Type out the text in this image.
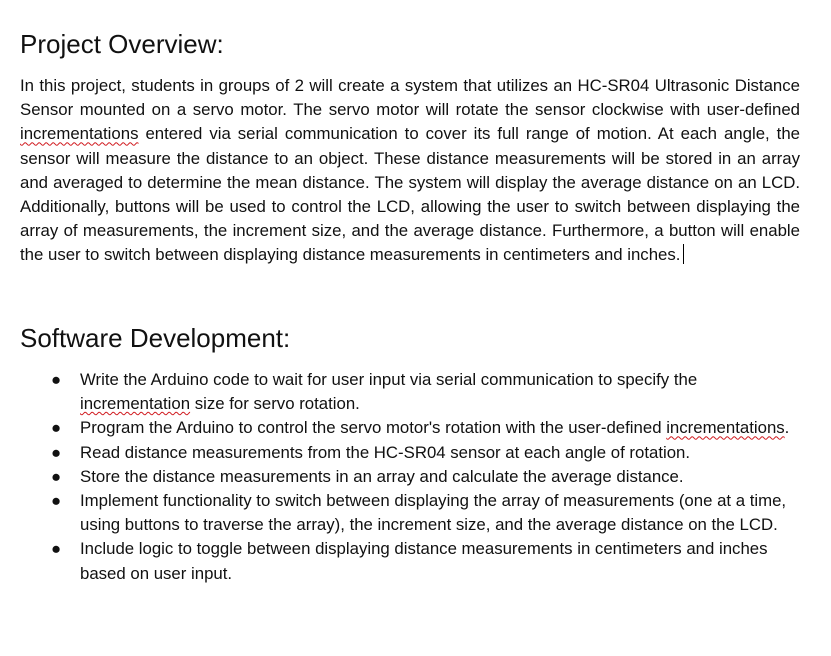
Project Overview:

In this project, students in groups of 2 will create a system that utilizes an HC-SR04 Ultrasonic Distance Sensor mounted on a servo motor. The servo motor will rotate the sensor clockwise with user-defined incrementations entered via serial communication to cover its full range of motion. At each angle, the sensor will measure the distance to an object. These distance measurements will be stored in an array and averaged to determine the mean distance. The system will display the average distance on an LCD. Additionally, buttons will be used to control the LCD, allowing the user to switch between displaying the array of measurements, the increment size, and the average distance. Furthermore, a button will enable the user to switch between displaying distance measurements in centimeters and inches.

Software Development:
●	Write the Arduino code to wait for user input via serial communication to specify the incrementation size for servo rotation.
●	Program the Arduino to control the servo motor's rotation with the user-defined incrementations.
●	Read distance measurements from the HC-SR04 sensor at each angle of rotation.
●	Store the distance measurements in an array and calculate the average distance.
●	Implement functionality to switch between displaying the array of measurements (one at a time, using buttons to traverse the array), the increment size, and the average distance on the LCD.
●	Include logic to toggle between displaying distance measurements in centimeters and inches based on user input.
